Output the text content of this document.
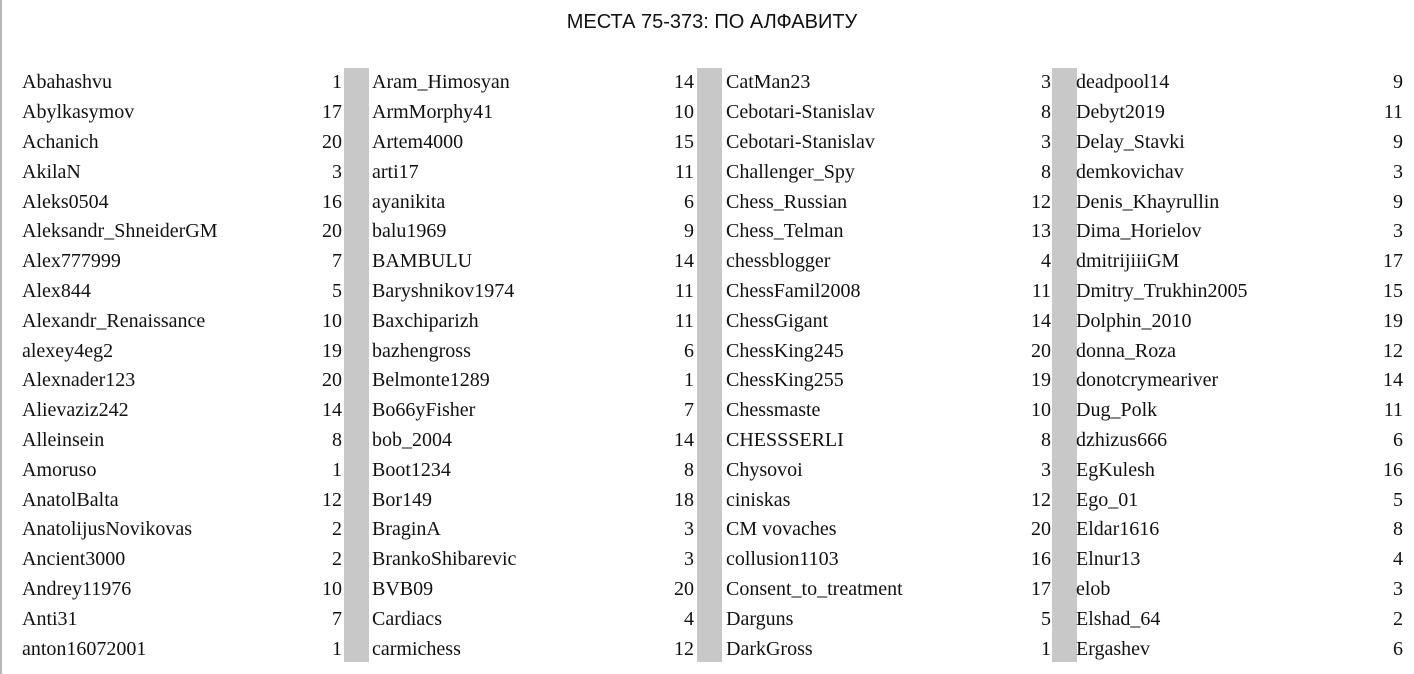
МЕСТА 75-373: ПО АЛФАВИТУ
Abahashvu	1
Abylkasymov	17
Achanich	20
AkilaN	3
Aleks0504	16
Aleksandr_ShneiderGM	20
Alex777999	7
Alex844	5
Alexandr_Renaissance	10
alexey4eg2	19
Alexnader123	20
Alievaziz242	14
Alleinsein	8
Amoruso	1
AnatolBalta	12
AnatolijusNovikovas	2
Ancient3000	2
Andrey11976	10
Anti31	7
anton16072001	1
Aram_Himosyan	14
ArmMorphy41	10
Artem4000	15
arti17	11
ayanikita	6
balu1969	9
BAMBULU	14
Baryshnikov1974	11
Baxchiparizh	11
bazhengross	6
Belmonte1289	1
Bo66yFisher	7
bob_2004	14
Boot1234	8
Bor149	18
BraginA	3
BrankoShibarevic	3
BVB09	20
Cardiacs	4
carmichess	12
CatMan23	3
Cebotari-Stanislav	8
Cebotari-Stanislav	3
Challenger_Spy	8
Chess_Russian	12
Chess_Telman	13
chessblogger	4
ChessFamil2008	11
ChessGigant	14
ChessKing245	20
ChessKing255	19
Chessmaste	10
CHESSSERLI	8
Chysovoi	3
ciniskas	12
CM vovaches	20
collusion1103	16
Consent_to_treatment	17
Darguns	5
DarkGross	1
deadpool14	9
Debyt2019	11
Delay_Stavki	9
demkovichav	3
Denis_Khayrullin	9
Dima_Horielov	3
dmitrijiiiGM	17
Dmitry_Trukhin2005	15
Dolphin_2010	19
donna_Roza	12
donotcrymeariver	14
Dug_Polk	11
dzhizus666	6
EgKulesh	16
Ego_01	5
Eldar1616	8
Elnur13	4
elob	3
Elshad_64	2
Ergashev	6
